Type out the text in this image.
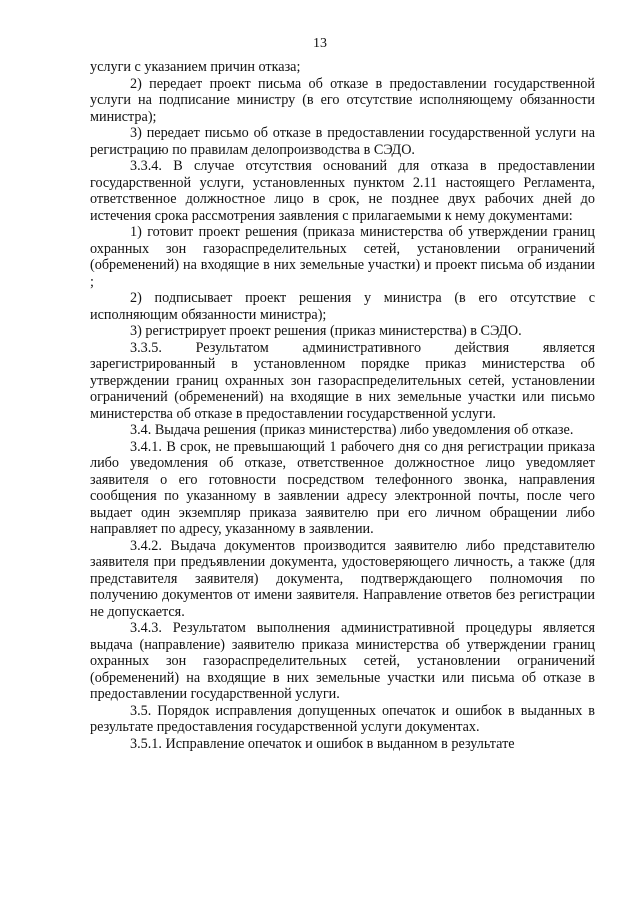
13

услуги с указанием причин отказа;

2) передает проект письма об отказе в предоставлении государственной услуги на подписание министру (в его отсутствие исполняющему обязанности министра);

3) передает письмо об отказе в предоставлении государственной услуги на регистрацию по правилам делопроизводства в СЭДО.

3.3.4. В случае отсутствия оснований для отказа в предоставлении государственной услуги, установленных пунктом 2.11 настоящего Регламента, ответственное должностное лицо в срок, не позднее двух рабочих дней до истечения срока рассмотрения заявления с прилагаемыми к нему документами:

1) готовит проект решения (приказа министерства об утверждении границ охранных зон газораспределительных сетей, установлении ограничений (обременений) на входящие в них земельные участки) и проект письма об издании ;

2) подписывает проект решения у министра (в его отсутствие с исполняющим обязанности министра);

3) регистрирует проект решения (приказ министерства) в СЭДО.

3.3.5. Результатом административного действия является зарегистрированный в установленном порядке приказ министерства об утверждении границ охранных зон газораспределительных сетей, установлении ограничений (обременений) на входящие в них земельные участки или письмо министерства об отказе в предоставлении государственной услуги.

3.4. Выдача решения (приказ министерства) либо уведомления об отказе.

3.4.1. В срок, не превышающий 1 рабочего дня со дня регистрации приказа либо уведомления об отказе, ответственное должностное лицо уведомляет заявителя о его готовности посредством телефонного звонка, направления сообщения по указанному в заявлении адресу электронной почты, после чего выдает один экземпляр приказа заявителю при его личном обращении либо направляет по адресу, указанному в заявлении.

3.4.2. Выдача документов производится заявителю либо представителю заявителя при предъявлении документа, удостоверяющего личность, а также (для представителя заявителя) документа, подтверждающего полномочия по получению документов от имени заявителя. Направление ответов без регистрации не допускается.

3.4.3. Результатом выполнения административной процедуры является выдача (направление) заявителю приказа министерства об утверждении границ охранных зон газораспределительных сетей, установлении ограничений (обременений) на входящие в них земельные участки или письма об отказе в предоставлении государственной услуги.

3.5. Порядок исправления допущенных опечаток и ошибок в выданных в результате предоставления государственной услуги документах.

3.5.1. Исправление опечаток и ошибок в выданном в результате
